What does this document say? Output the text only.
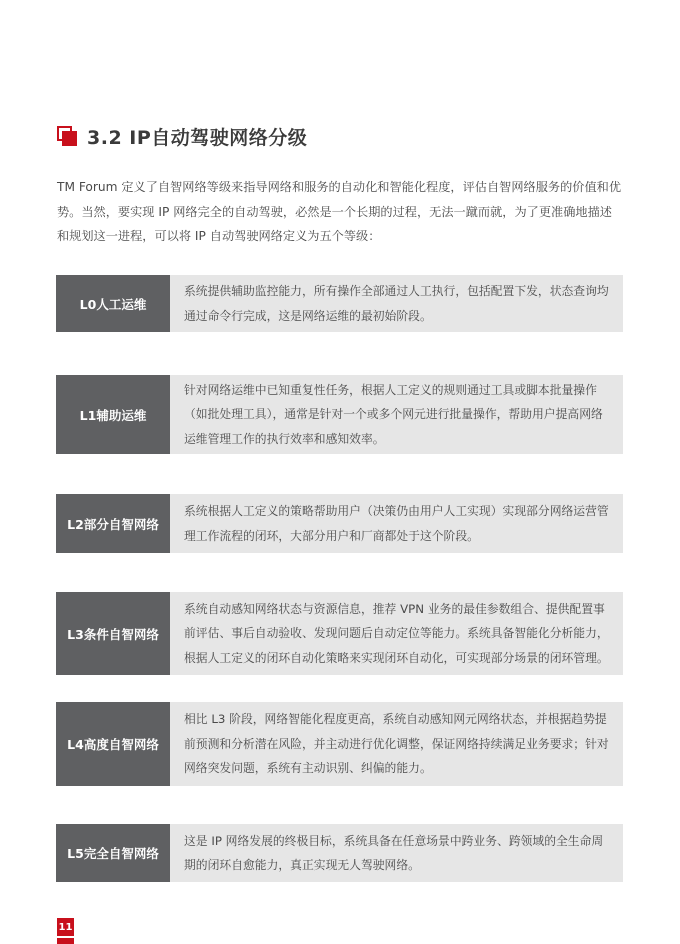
3.2 IP自动驾驶网络分级

TM Forum 定义了自智网络等级来指导网络和服务的自动化和智能化程度，评估自智网络服务的价值和优势。当然，要实现 IP 网络完全的自动驾驶，必然是一个长期的过程，无法一蹴而就，为了更准确地描述和规划这一进程，可以将 IP 自动驾驶网络定义为五个等级：

L0人工运维
系统提供辅助监控能力，所有操作全部通过人工执行，包括配置下发，状态查询均通过命令行完成，这是网络运维的最初始阶段。
L1辅助运维
针对网络运维中已知重复性任务，根据人工定义的规则通过工具或脚本批量操作（如批处理工具），通常是针对一个或多个网元进行批量操作，帮助用户提高网络运维管理工作的执行效率和感知效率。
L2部分自智网络
系统根据人工定义的策略帮助用户（决策仍由用户人工实现）实现部分网络运营管理工作流程的闭环，大部分用户和厂商都处于这个阶段。
L3条件自智网络
系统自动感知网络状态与资源信息，推荐 VPN 业务的最佳参数组合、提供配置事前评估、事后自动验收、发现问题后自动定位等能力。系统具备智能化分析能力，根据人工定义的闭环自动化策略来实现闭环自动化，可实现部分场景的闭环管理。
L4高度自智网络
相比 L3 阶段，网络智能化程度更高，系统自动感知网元网络状态，并根据趋势提前预测和分析潜在风险，并主动进行优化调整，保证网络持续满足业务要求；针对网络突发问题，系统有主动识别、纠偏的能力。
L5完全自智网络
这是 IP 网络发展的终极目标，系统具备在任意场景中跨业务、跨领域的全生命周期的闭环自愈能力，真正实现无人驾驶网络。
11
